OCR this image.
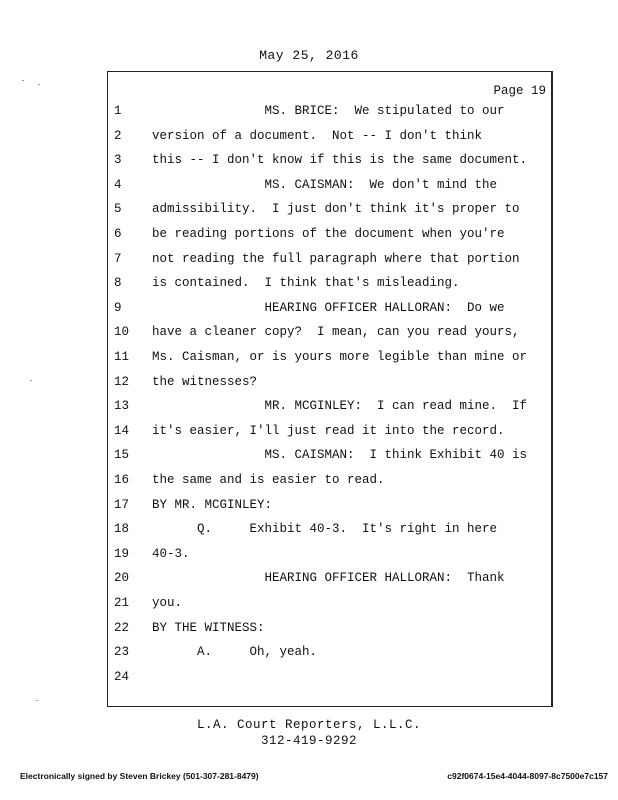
May 25, 2016
Page 19
1	MS. BRICE:  We stipulated to our
2	version of a document.  Not -- I don't think
3	this -- I don't know if this is the same document.
4	MS. CAISMAN:  We don't mind the
5	admissibility.  I just don't think it's proper to
6	be reading portions of the document when you're
7	not reading the full paragraph where that portion
8	is contained.  I think that's misleading.
9	HEARING OFFICER HALLORAN:  Do we
10	have a cleaner copy?  I mean, can you read yours,
11	Ms. Caisman, or is yours more legible than mine or
12	the witnesses?
13	MR. MCGINLEY:  I can read mine.  If
14	it's easier, I'll just read it into the record.
15	MS. CAISMAN:  I think Exhibit 40 is
16	the same and is easier to read.
17	BY MR. MCGINLEY:
18	Q.     Exhibit 40-3.  It's right in here
19	40-3.
20	HEARING OFFICER HALLORAN:  Thank
21	you.
22	BY THE WITNESS:
23	A.     Oh, yeah.
24
L.A. Court Reporters, L.L.C.
312-419-9292
Electronically signed by Steven Brickey (501-307-281-8479)	c92f0674-15e4-4044-8097-8c7500e7c157
